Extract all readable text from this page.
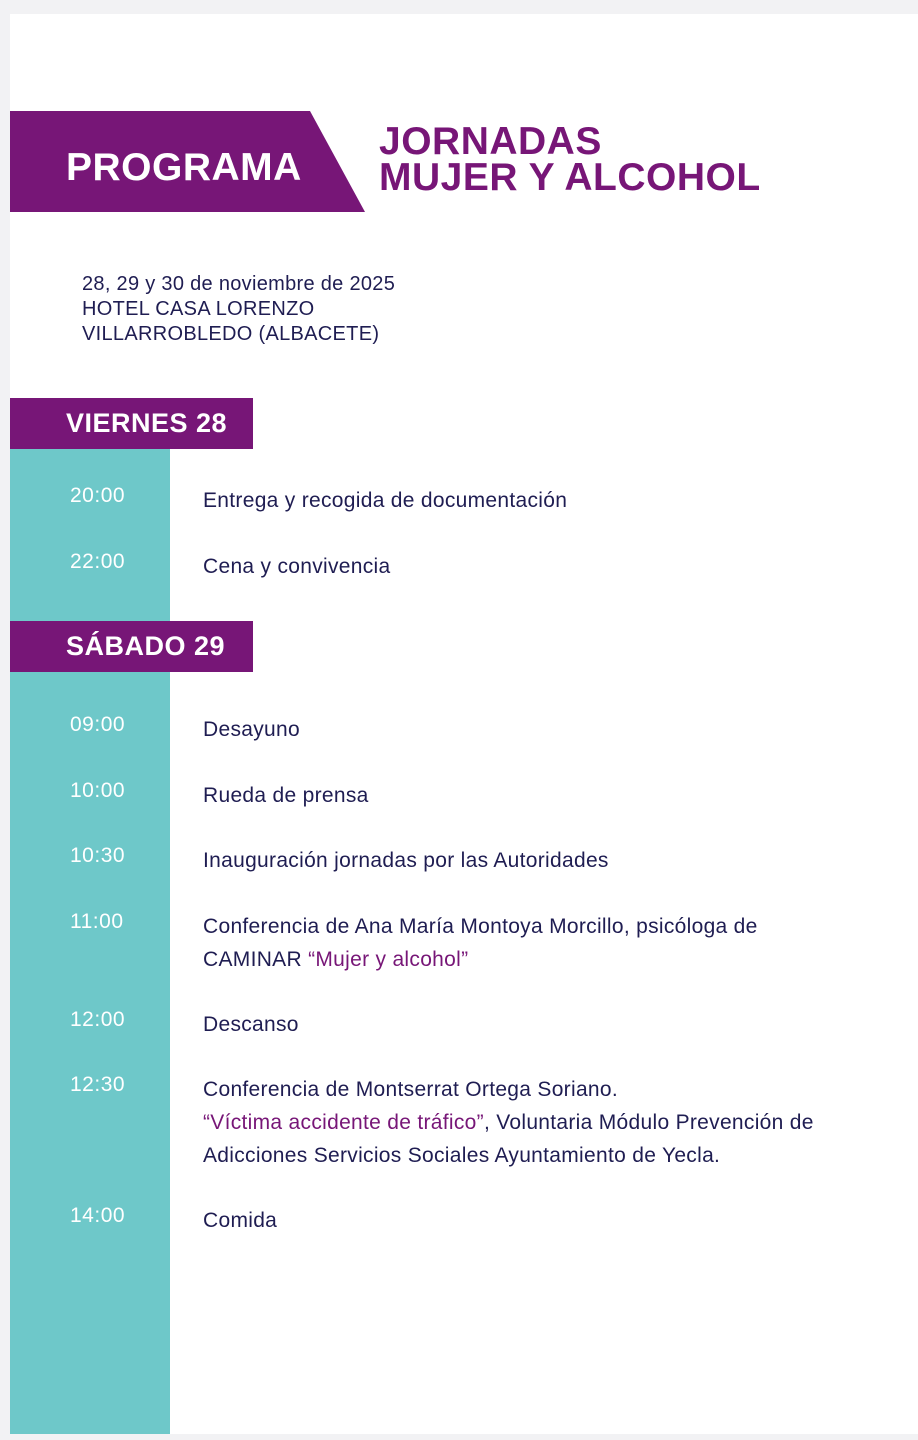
PROGRAMA
JORNADAS
MUJER Y ALCOHOL
28, 29 y 30 de noviembre de 2025
HOTEL CASA LORENZO
VILLARROBLEDO (ALBACETE)
VIERNES 28
20:00	Entrega y recogida de documentación
22:00	Cena y convivencia
SÁBADO 29
09:00	Desayuno
10:00	Rueda de prensa
10:30	Inauguración jornadas por las Autoridades
11:00	Conferencia de Ana María Montoya Morcillo, psicóloga de
CAMINAR “Mujer y alcohol”
12:00	Descanso
12:30	Conferencia de Montserrat Ortega Soriano.
“Víctima accidente de tráfico”, Voluntaria Módulo Prevención de
Adicciones Servicios Sociales Ayuntamiento de Yecla.
14:00	Comida
